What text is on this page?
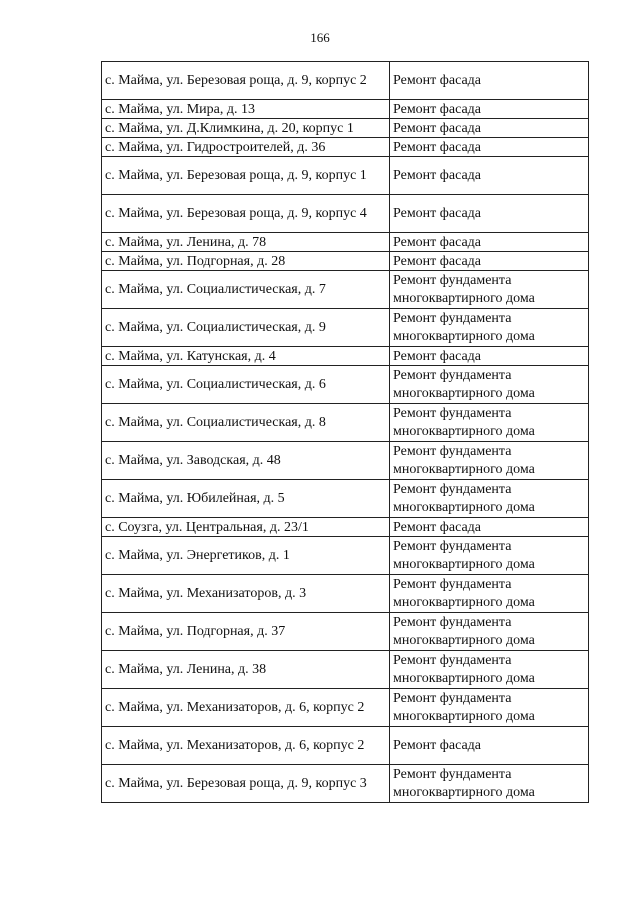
166
с. Майма, ул. Березовая роща, д. 9, корпус 2	Ремонт фасада
с. Майма, ул. Мира, д. 13	Ремонт фасада
с. Майма, ул. Д.Климкина, д. 20, корпус 1	Ремонт фасада
с. Майма, ул. Гидростроителей, д. 36	Ремонт фасада
с. Майма, ул. Березовая роща, д. 9, корпус 1	Ремонт фасада
с. Майма, ул. Березовая роща, д. 9, корпус 4	Ремонт фасада
с. Майма, ул. Ленина, д. 78	Ремонт фасада
с. Майма, ул. Подгорная, д. 28	Ремонт фасада
с. Майма, ул. Социалистическая, д. 7	Ремонт фундамента многоквартирного дома
с. Майма, ул. Социалистическая, д. 9	Ремонт фундамента многоквартирного дома
с. Майма, ул. Катунская, д. 4	Ремонт фасада
с. Майма, ул. Социалистическая, д. 6	Ремонт фундамента многоквартирного дома
с. Майма, ул. Социалистическая, д. 8	Ремонт фундамента многоквартирного дома
с. Майма, ул. Заводская, д. 48	Ремонт фундамента многоквартирного дома
с. Майма, ул. Юбилейная, д. 5	Ремонт фундамента многоквартирного дома
с. Соузга, ул. Центральная, д. 23/1	Ремонт фасада
с. Майма, ул. Энергетиков, д. 1	Ремонт фундамента многоквартирного дома
с. Майма, ул. Механизаторов, д. 3	Ремонт фундамента многоквартирного дома
с. Майма, ул. Подгорная, д. 37	Ремонт фундамента многоквартирного дома
с. Майма, ул. Ленина, д. 38	Ремонт фундамента многоквартирного дома
с. Майма, ул. Механизаторов, д. 6, корпус 2	Ремонт фундамента многоквартирного дома
с. Майма, ул. Механизаторов, д. 6, корпус 2	Ремонт фасада
с. Майма, ул. Березовая роща, д. 9, корпус 3	Ремонт фундамента многоквартирного дома
